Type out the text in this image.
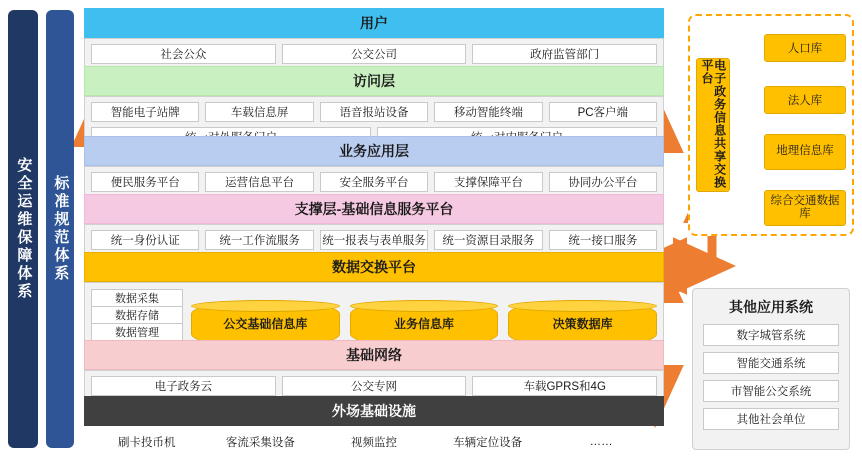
安全运维保障体系 标准规范体系
用户
社会公众	公交公司	政府监管部门
访问层
智能电子站牌	车载信息屏	语音报站设备	移动智能终端	PC客户端
业务应用层
便民服务平台	运营信息平台	安全服务平台	支撑保障平台	协同办公平台
支撑层-基础信息服务平台
统一身份认证	统一工作流服务	统一报表与表单服务	统一资源目录服务	统一接口服务
数据交换平台
数据采集
数据存储
数据管理
公交基础信息库	业务信息库	决策数据库
基础网络
电子政务云	公交专网	车载GPRS和4G
外场基础设施
刷卡投币机	客流采集设备	视频监控	车辆定位设备	……
电子政务信息共享交换平台
人口库
法人库
地理信息库
综合交通数据库
其他应用系统
数字城管系统
智能交通系统
市智能公交系统
其他社会单位
